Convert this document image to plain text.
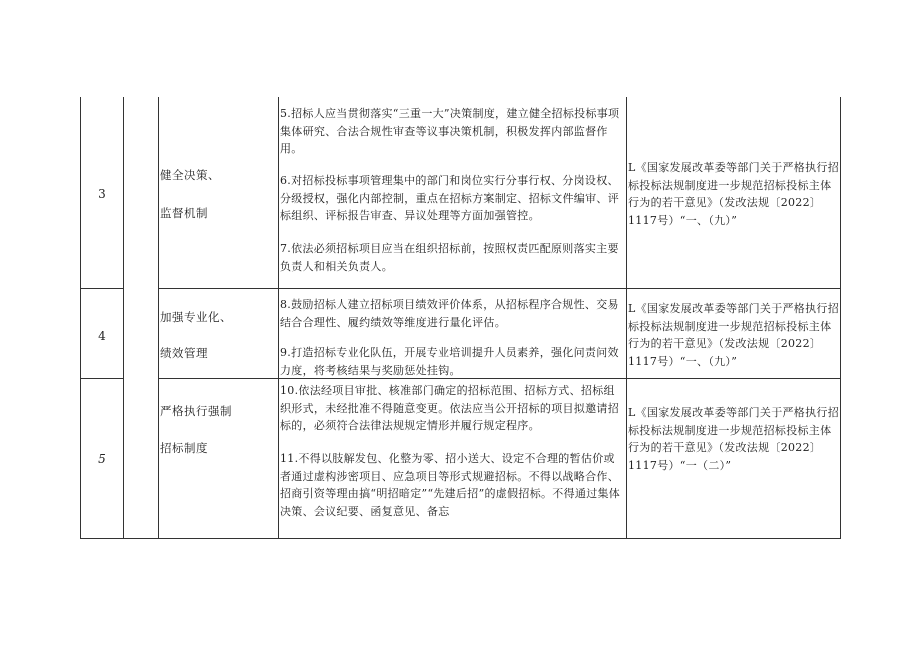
3
健全决策、
监督机制

5.招标人应当贯彻落实“三重一大”决策制度，建立健全招标投标事项集体研究、合法合规性审查等议事决策机制，积极发挥内部监督作用。

6.对招标投标事项管理集中的部门和岗位实行分事行权、分岗设权、分级授权，强化内部控制，重点在招标方案制定、招标文件编审、评标组织、评标报告审查、异议处理等方面加强管控。

7.依法必须招标项目应当在组织招标前，按照权责匹配原则落实主要负责人和相关负责人。

L《国家发展改革委等部门关于严格执行招标投标法规制度进一步规范招标投标主体行为的若干意见》（发改法规〔2022〕1117号）“一、（九）”

4
加强专业化、
绩效管理

8.鼓励招标人建立招标项目绩效评价体系，从招标程序合规性、交易结合合理性、履约绩效等维度进行量化评估。

9.打造招标专业化队伍，开展专业培训提升人员素养，强化问责问效力度，将考核结果与奖励惩处挂钩。

L《国家发展改革委等部门关于严格执行招标投标法规制度进一步规范招标投标主体行为的若干意见》（发改法规〔2022〕1117号）“一、（九）”

5
严格执行强制
招标制度

10.依法经项目审批、核准部门确定的招标范围、招标方式、招标组织形式，未经批准不得随意变更。依法应当公开招标的项目拟邀请招标的，必须符合法律法规规定情形并履行规定程序。

11.不得以肢解发包、化整为零、招小送大、设定不合理的暂估价或者通过虚构涉密项目、应急项目等形式规避招标。不得以战略合作、招商引资等理由搞“明招暗定”“先建后招”的虚假招标。不得通过集体决策、会议纪要、函复意见、备忘

L《国家发展改革委等部门关于严格执行招标投标法规制度进一步规范招标投标主体行为的若干意见》（发改法规〔2022〕1117号）“一（二）”
